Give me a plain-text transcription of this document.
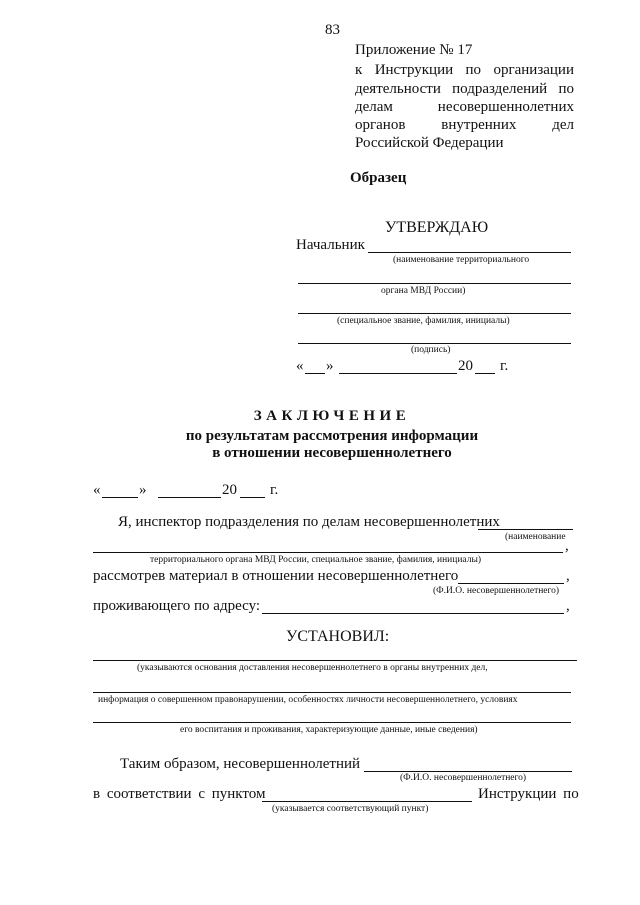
83
Приложение № 17
к Инструкции по организации
деятельности подразделений по
делам несовершеннолетних
органов внутренних дел
Российской Федерации
Образец
УТВЕРЖДАЮ
Начальник
(наименование территориального
органа МВД России)
(специальное звание, фамилия, инициалы)
(подпись)
« »	20 г.
ЗАКЛЮЧЕНИЕ
по результатам рассмотрения информации
в отношении несовершеннолетнего
«	»	20 г.
Я, инспектор подразделения по делам несовершеннолетних
(наименование
,
территориального органа МВД России, специальное звание, фамилия, инициалы)
рассмотрев материал в отношении несовершеннолетнего	,
(Ф.И.О. несовершеннолетнего)
проживающего по адресу:	,
УСТАНОВИЛ:
(указываются основания доставления несовершеннолетнего в органы внутренних дел,
информация о совершенном правонарушении, особенностях личности несовершеннолетнего, условиях
его воспитания и проживания, характеризующие данные, иные сведения)
Таким образом, несовершеннолетний
(Ф.И.О. несовершеннолетнего)
в соответствии с пунктом	Инструкции по
(указывается соответствующий пункт)
